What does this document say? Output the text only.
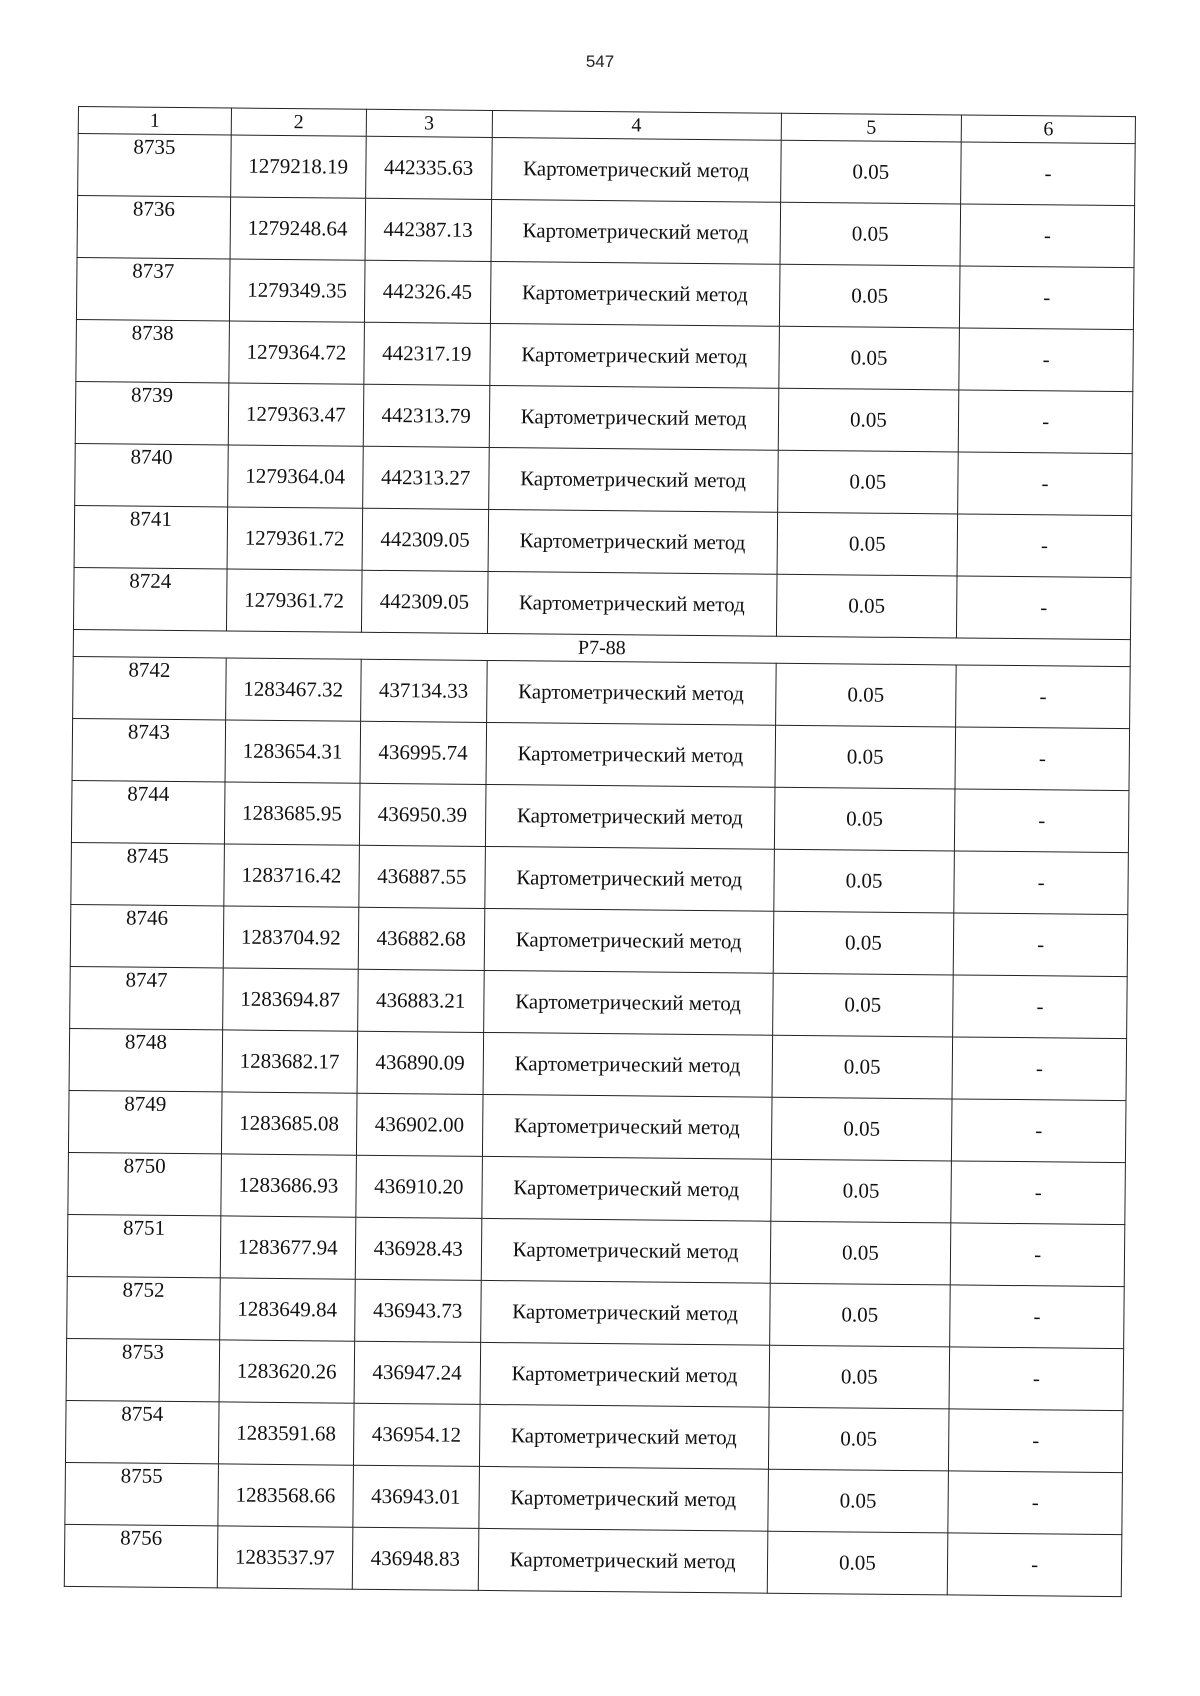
547
1	2	3	4	5	6
8735	1279218.19	442335.63	Картометрический метод	0.05	-
8736	1279248.64	442387.13	Картометрический метод	0.05	-
8737	1279349.35	442326.45	Картометрический метод	0.05	-
8738	1279364.72	442317.19	Картометрический метод	0.05	-
8739	1279363.47	442313.79	Картометрический метод	0.05	-
8740	1279364.04	442313.27	Картометрический метод	0.05	-
8741	1279361.72	442309.05	Картометрический метод	0.05	-
8724	1279361.72	442309.05	Картометрический метод	0.05	-
Р7-88					
8742	1283467.32	437134.33	Картометрический метод	0.05	-
8743	1283654.31	436995.74	Картометрический метод	0.05	-
8744	1283685.95	436950.39	Картометрический метод	0.05	-
8745	1283716.42	436887.55	Картометрический метод	0.05	-
8746	1283704.92	436882.68	Картометрический метод	0.05	-
8747	1283694.87	436883.21	Картометрический метод	0.05	-
8748	1283682.17	436890.09	Картометрический метод	0.05	-
8749	1283685.08	436902.00	Картометрический метод	0.05	-
8750	1283686.93	436910.20	Картометрический метод	0.05	-
8751	1283677.94	436928.43	Картометрический метод	0.05	-
8752	1283649.84	436943.73	Картометрический метод	0.05	-
8753	1283620.26	436947.24	Картометрический метод	0.05	-
8754	1283591.68	436954.12	Картометрический метод	0.05	-
8755	1283568.66	436943.01	Картометрический метод	0.05	-
8756	1283537.97	436948.83	Картометрический метод	0.05	-
